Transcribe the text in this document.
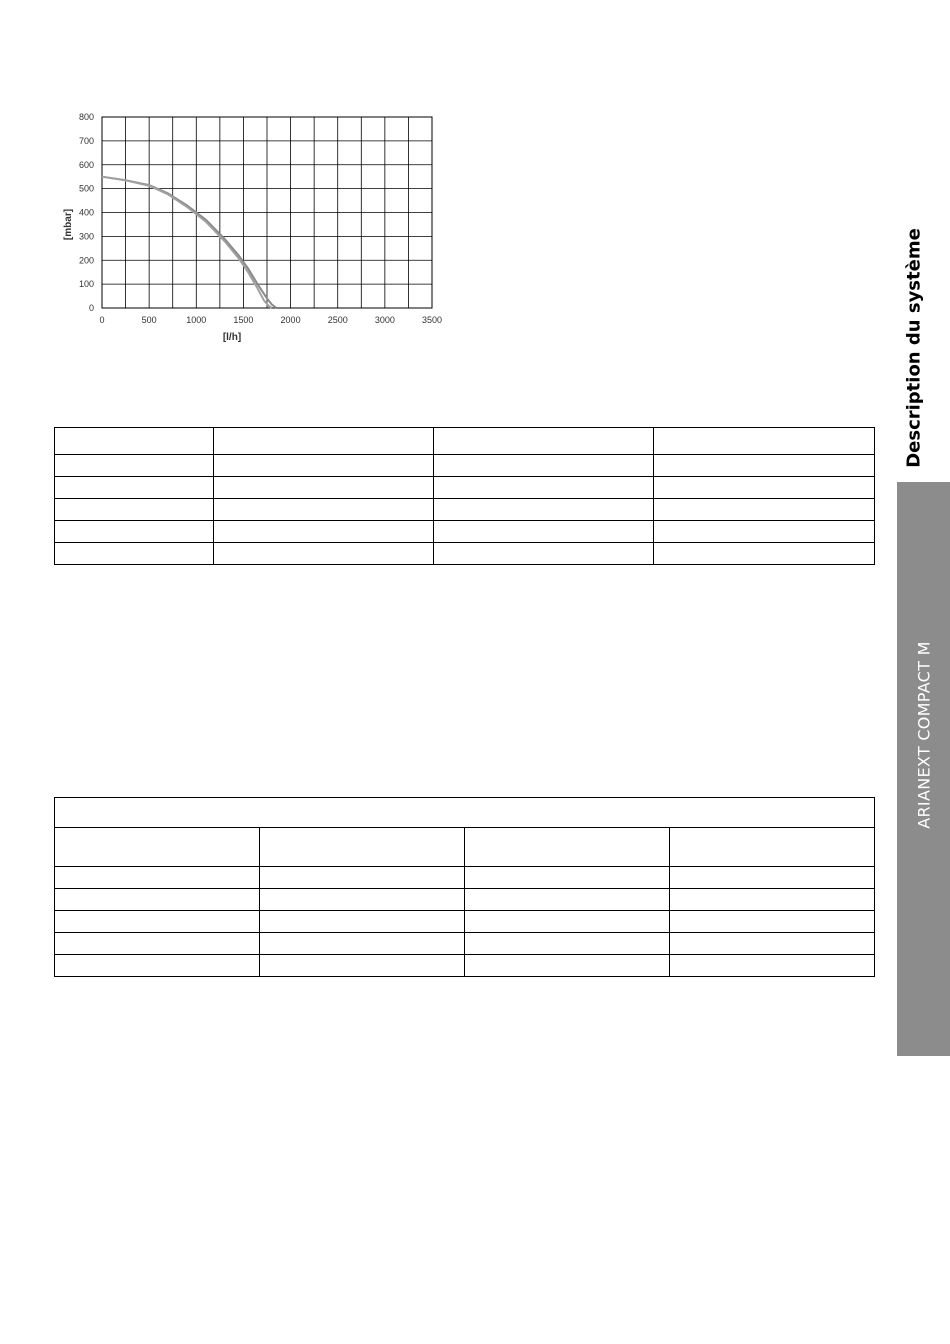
0	500	1000	1500	2000	2500	3000	3500
0
100
200
300
400
500
600
700
800
[l/h]
[mbar]

Description du système
ARIANEXT COMPACT M
